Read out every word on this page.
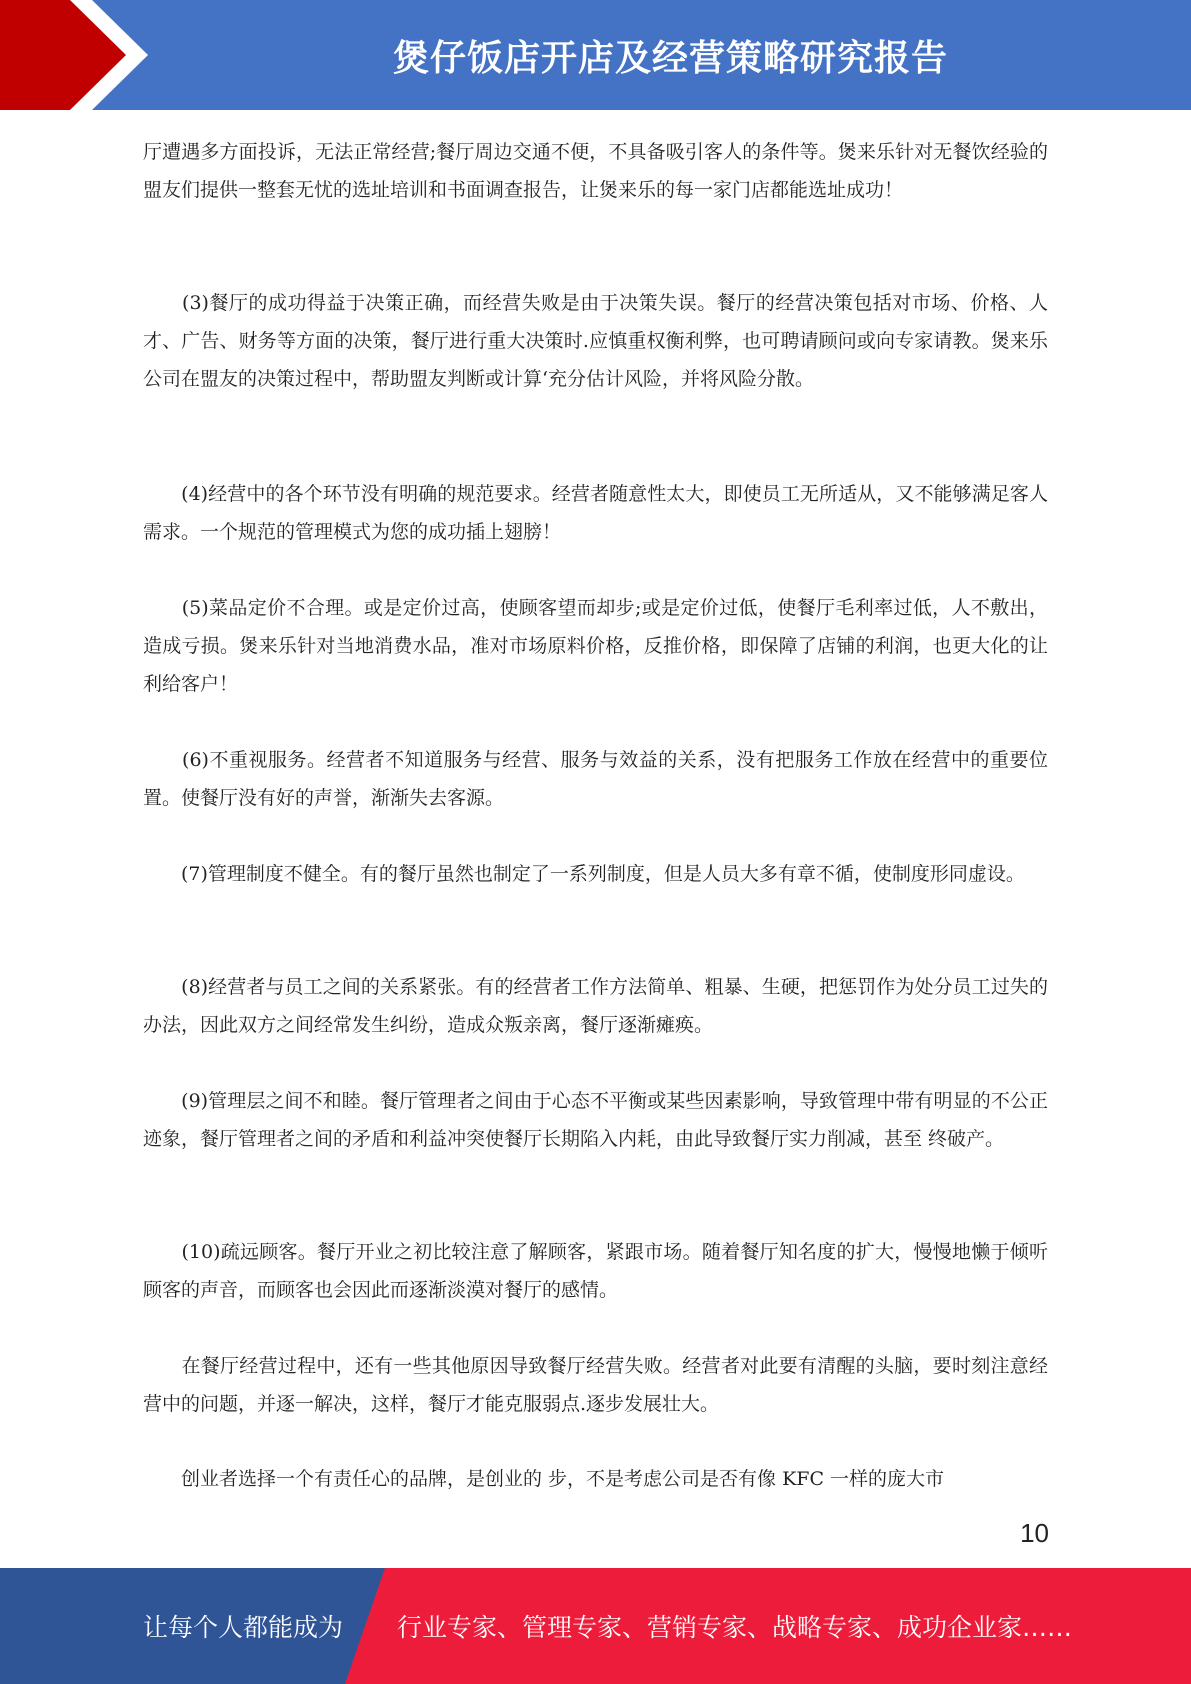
煲仔饭店开店及经营策略研究报告

厅遭遇多方面投诉，无法正常经营;餐厅周边交通不便，不具备吸引客人的条件等。煲来乐针对无餐饮经验的盟友们提供一整套无忧的选址培训和书面调查报告，让煲来乐的每一家门店都能选址成功！

　　(3)餐厅的成功得益于决策正确，而经营失败是由于决策失误。餐厅的经营决策包括对市场、价格、人才、广告、财务等方面的决策，餐厅进行重大决策时.应慎重权衡利弊，也可聘请顾问或向专家请教。煲来乐公司在盟友的决策过程中，帮助盟友判断或计算‘充分估计风险，并将风险分散。

　　(4)经营中的各个环节没有明确的规范要求。经营者随意性太大，即使员工无所适从，又不能够满足客人需求。一个规范的管理模式为您的成功插上翅膀！

　　(5)菜品定价不合理。或是定价过高，使顾客望而却步;或是定价过低，使餐厅毛利率过低，人不敷出，造成亏损。煲来乐针对当地消费水品，准对市场原料价格，反推价格，即保障了店铺的利润，也更大化的让利给客户！

　　(6)不重视服务。经营者不知道服务与经营、服务与效益的关系，没有把服务工作放在经营中的重要位置。使餐厅没有好的声誉，渐渐失去客源。

　　(7)管理制度不健全。有的餐厅虽然也制定了一系列制度，但是人员大多有章不循，使制度形同虚设。

　　(8)经营者与员工之间的关系紧张。有的经营者工作方法简单、粗暴、生硬，把惩罚作为处分员工过失的 办法，因此双方之间经常发生纠纷，造成众叛亲离，餐厅逐渐瘫痪。

　　(9)管理层之间不和睦。餐厅管理者之间由于心态不平衡或某些因素影响，导致管理中带有明显的不公正迹象，餐厅管理者之间的矛盾和利益冲突使餐厅长期陷入内耗，由此导致餐厅实力削减，甚至 终破产。

　　(10)疏远顾客。餐厅开业之初比较注意了解顾客，紧跟市场。随着餐厅知名度的扩大，慢慢地懒于倾听顾客的声音，而顾客也会因此而逐渐淡漠对餐厅的感情。

　　在餐厅经营过程中，还有一些其他原因导致餐厅经营失败。经营者对此要有清醒的头脑，要时刻注意经营中的问题，并逐一解决，这样，餐厅才能克服弱点.逐步发展壮大。

　　创业者选择一个有责任心的品牌，是创业的 步，不是考虑公司是否有像 KFC 一样的庞大市

10
让每个人都能成为 行业专家、管理专家、营销专家、战略专家、成功企业家……
